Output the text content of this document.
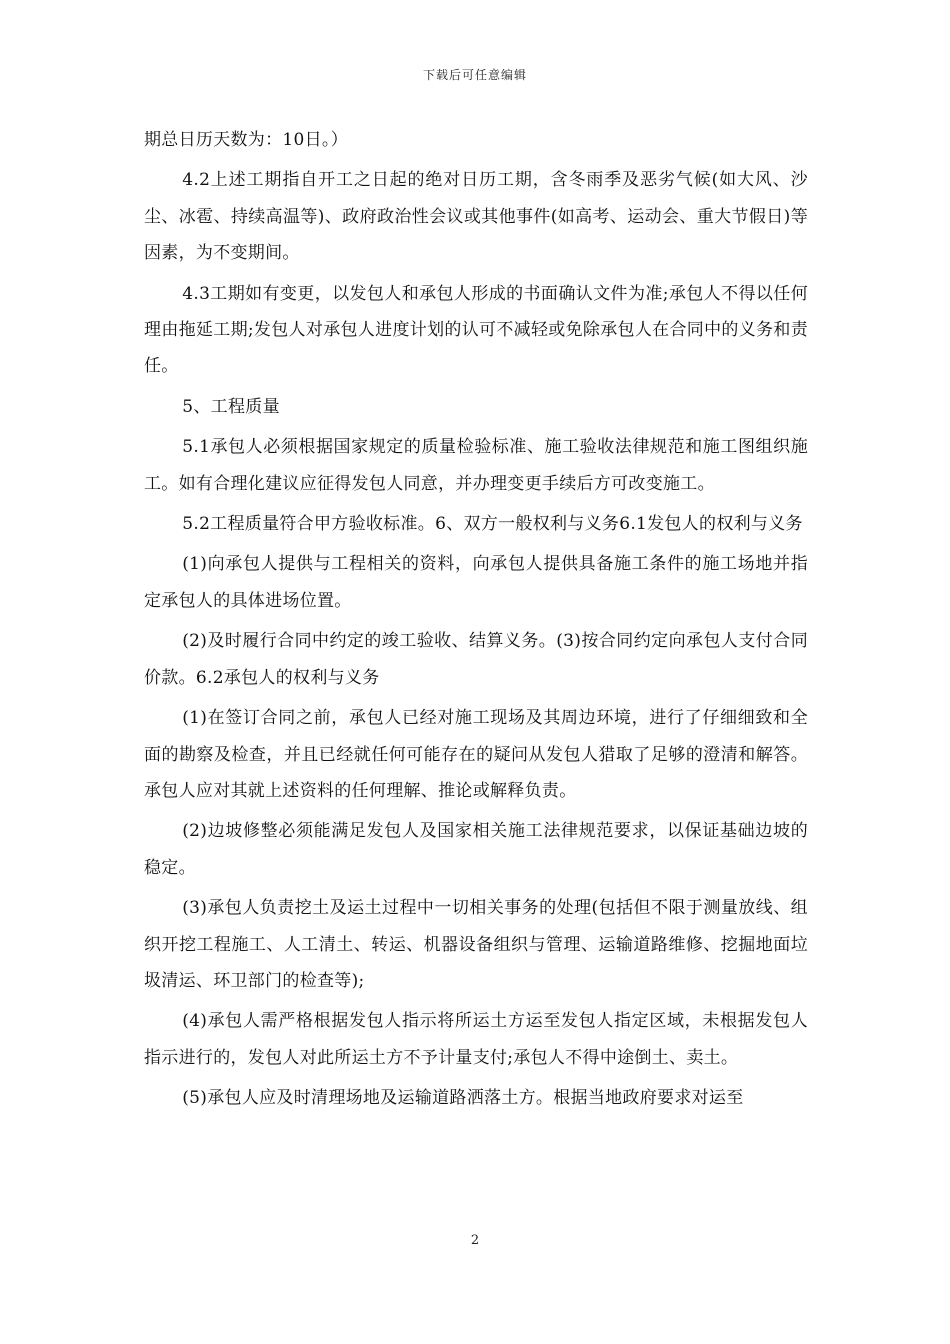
下载后可任意编辑

期总日历天数为：10日。）

4.2上述工期指自开工之日起的绝对日历工期，含冬雨季及恶劣气候(如大风、沙尘、冰雹、持续高温等)、政府政治性会议或其他事件(如高考、运动会、重大节假日)等因素，为不变期间。

4.3工期如有变更，以发包人和承包人形成的书面确认文件为准;承包人不得以任何理由拖延工期;发包人对承包人进度计划的认可不减轻或免除承包人在合同中的义务和责任。

5、工程质量

5.1承包人必须根据国家规定的质量检验标准、施工验收法律规范和施工图组织施工。如有合理化建议应征得发包人同意，并办理变更手续后方可改变施工。

5.2工程质量符合甲方验收标准。6、双方一般权利与义务6.1发包人的权利与义务

(1)向承包人提供与工程相关的资料，向承包人提供具备施工条件的施工场地并指定承包人的具体进场位置。

(2)及时履行合同中约定的竣工验收、结算义务。(3)按合同约定向承包人支付合同价款。6.2承包人的权利与义务

(1)在签订合同之前，承包人已经对施工现场及其周边环境，进行了仔细细致和全面的勘察及检查，并且已经就任何可能存在的疑问从发包人猎取了足够的澄清和解答。承包人应对其就上述资料的任何理解、推论或解释负责。

(2)边坡修整必须能满足发包人及国家相关施工法律规范要求，以保证基础边坡的稳定。

(3)承包人负责挖土及运土过程中一切相关事务的处理(包括但不限于测量放线、组织开挖工程施工、人工清土、转运、机器设备组织与管理、运输道路维修、挖掘地面垃圾清运、环卫部门的检查等);

(4)承包人需严格根据发包人指示将所运土方运至发包人指定区域，未根据发包人指示进行的，发包人对此所运土方不予计量支付;承包人不得中途倒土、卖土。

(5)承包人应及时清理场地及运输道路洒落土方。根据当地政府要求对运至

2
